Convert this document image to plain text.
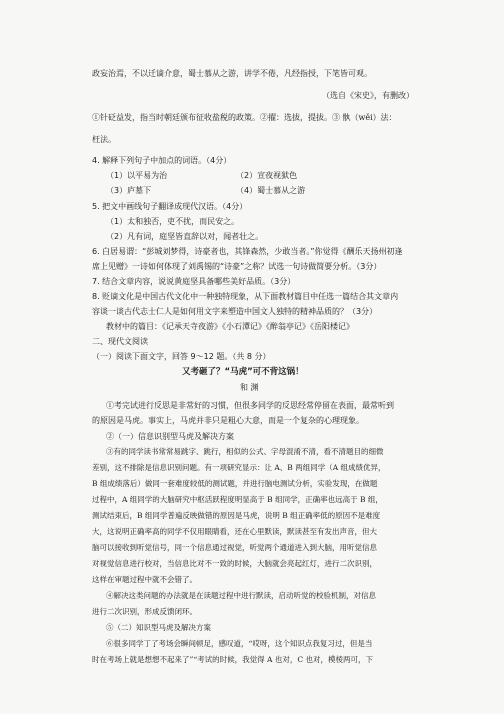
政妄治焉，不以迁谪介意，蜀士慕从之游，讲学不倦，凡经指授，下笔皆可观。
（选自《宋史》，有删改）
①针砭益发，指当时朝廷颁布征收盐税的政策。②擢：选拔，提拔。③ 骫（wěi）法：
枉法。
4. 解释下列句子中加点的词语。（4分）
（1）以平易为治	（2）宣夜视狱色
（3）庐墓下	（4）蜀士慕从之游
5. 把文中画线句子翻译成现代汉语。（4分）
（1）太和独否，吏不扰，而民安之。
（2）凡有词，庭坚皆直辞以对，闻者壮之。
6. 白居易谓：“彭城刘梦得，诗豪者也，其锋森然，少敢当者。”你觉得《酬乐天扬州初逢
席上见赠》一诗如何体现了刘禹锡的“诗豪”之称？试选一句诗做简要分析。（3分）
7. 结合文章内容，说说黄庭坚具备哪些美好品质。（3分）
8. 贬谪文化是中国古代文化中一种独特现象，从下面教材篇目中任选一篇结合其文章内
容谈一谈古代志士仁人是如何用文字来塑造中国文人独特的精神品质的？（3分）
教材中的篇目：《记承天寺夜游》《小石潭记》《醉翁亭记》《岳阳楼记》
二、现代文阅读
（一）阅读下面文字，回答 9～12 题。（共 8 分）
又考砸了？“马虎”可不背这锅！
和 渊
①考完试进行反思是非常好的习惯，但很多同学的反思经常停留在表面，最常听到
的原因是马虎。事实上，马虎并非只是粗心大意，而是一个复杂的心理现象。
②（一）信息识别型马虎及解决方案
③有的同学读书常常易跳字、跳行，相似的公式、字母混淆不清，看不清题目的细微
差别，这不排除是信息识别问题。有一项研究显示：让 A、B 两组同学（A 组成绩优异，
B 组成绩落后）做同一套难度较低的测试题，并进行脑电测试分析，实验发现，在做题
过程中，A 组同学的大脑研究中枢活跃程度明显高于 B 组同学，正确率也远高于 B 组，
测试结束后，B 组同学普遍反映做错的原因是马虎，说明 B 组正确率低的原因不是难度
大，这说明正确率高的同学不仅用眼睛看，还在心里默读，默读甚至有发出声音，但大
脑可以接收到听觉信号，同一个信息通过视觉，听觉两个通道进入到大脑，用听觉信息
对视觉信息进行校对，当信息比对不一致的时候，大脑就会亮起红灯，进行二次识别，
这样在审题过程中就不会错了。
④解决这类问题的办法就是在读题过程中进行默读，启动听觉的校验机制，对信息
进行二次识别，形成反馈闭环。
⑤（二）知识型马虎及解决方案
⑥很多同学丁了考场会瞬间顿足，感叹道，“哎呀，这个知识点我复习过，但是当
时在考场上就是想想不起来了”“考试的时候，我觉得 A 也对，C 也对，模棱两可，下
